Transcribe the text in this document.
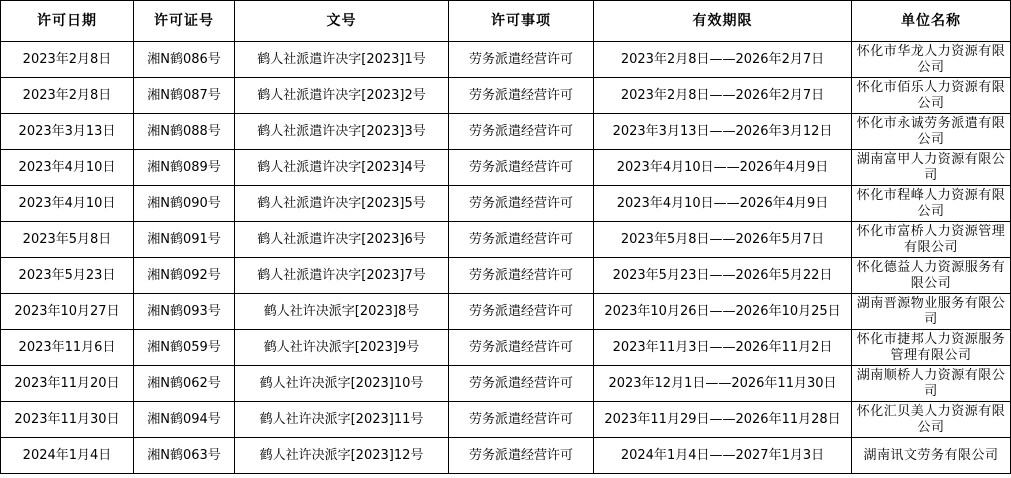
许可日期	许可证号	文号	许可事项	有效期限	单位名称
2023年2月8日	湘N鹤086号	鹤人社派遣许决字[2023]1号	劳务派遣经营许可	2023年2月8日——2026年2月7日	怀化市华龙人力资源有限公司

2023年2月8日	湘N鹤087号	鹤人社派遣许决字[2023]2号	劳务派遣经营许可	2023年2月8日——2026年2月7日	怀化市佰乐人力资源有限公司

2023年3月13日	湘N鹤088号	鹤人社派遣许决字[2023]3号	劳务派遣经营许可	2023年3月13日——2026年3月12日	怀化市永诚劳务派遣有限公司

2023年4月10日	湘N鹤089号	鹤人社派遣许决字[2023]4号	劳务派遣经营许可	2023年4月10日——2026年4月9日	湖南富甲人力资源有限公司

2023年4月10日	湘N鹤090号	鹤人社派遣许决字[2023]5号	劳务派遣经营许可	2023年4月10日——2026年4月9日	怀化市程峰人力资源有限公司

2023年5月8日	湘N鹤091号	鹤人社派遣许决字[2023]6号	劳务派遣经营许可	2023年5月8日——2026年5月7日	怀化市富桥人力资源管理有限公司

2023年5月23日	湘N鹤092号	鹤人社派遣许决字[2023]7号	劳务派遣经营许可	2023年5月23日——2026年5月22日	怀化德益人力资源服务有限公司

2023年10月27日	湘N鹤093号	鹤人社许决派字[2023]8号	劳务派遣经营许可	2023年10月26日——2026年10月25日	湖南晋源物业服务有限公司

2023年11月6日	湘N鹤059号	鹤人社许决派字[2023]9号	劳务派遣经营许可	2023年11月3日——2026年11月2日	怀化市捷邦人力资源服务管理有限公司

2023年11月20日	湘N鹤062号	鹤人社许决派字[2023]10号	劳务派遣经营许可	2023年12月1日——2026年11月30日	湖南顺桥人力资源有限公司

2023年11月30日	湘N鹤094号	鹤人社许决派字[2023]11号	劳务派遣经营许可	2023年11月29日——2026年11月28日	怀化汇贝美人力资源有限公司

2024年1月4日	湘N鹤063号	鹤人社许决派字[2023]12号	劳务派遣经营许可	2024年1月4日——2027年1月3日	湖南讯文劳务有限公司
